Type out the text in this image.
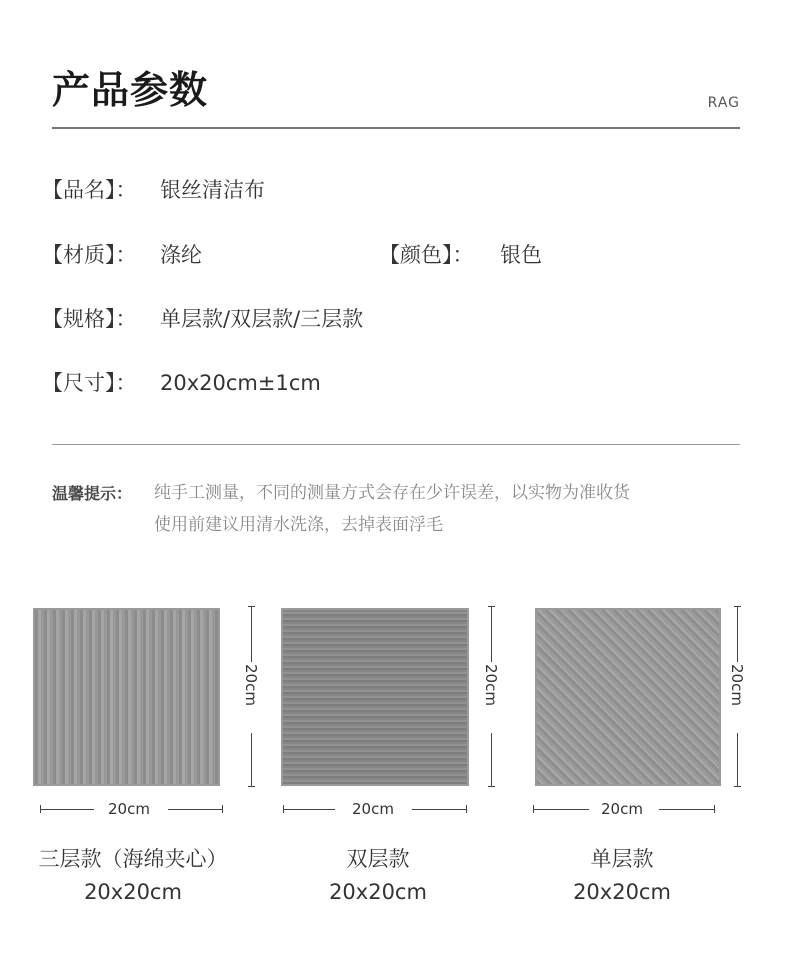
产品参数	RAG
【品名】： 银丝清洁布
【材质】： 涤纶	【颜色】： 银色
【规格】： 单层款/双层款/三层款
【尺寸】： 20x20cm±1cm
温馨提示： 纯手工测量，不同的测量方式会存在少许误差，以实物为准收货
使用前建议用清水洗涤，去掉表面浮毛
20cm
20cm
三层款（海绵夹心）
20x20cm
20cm
20cm
双层款
20x20cm
20cm
20cm
单层款
20x20cm
